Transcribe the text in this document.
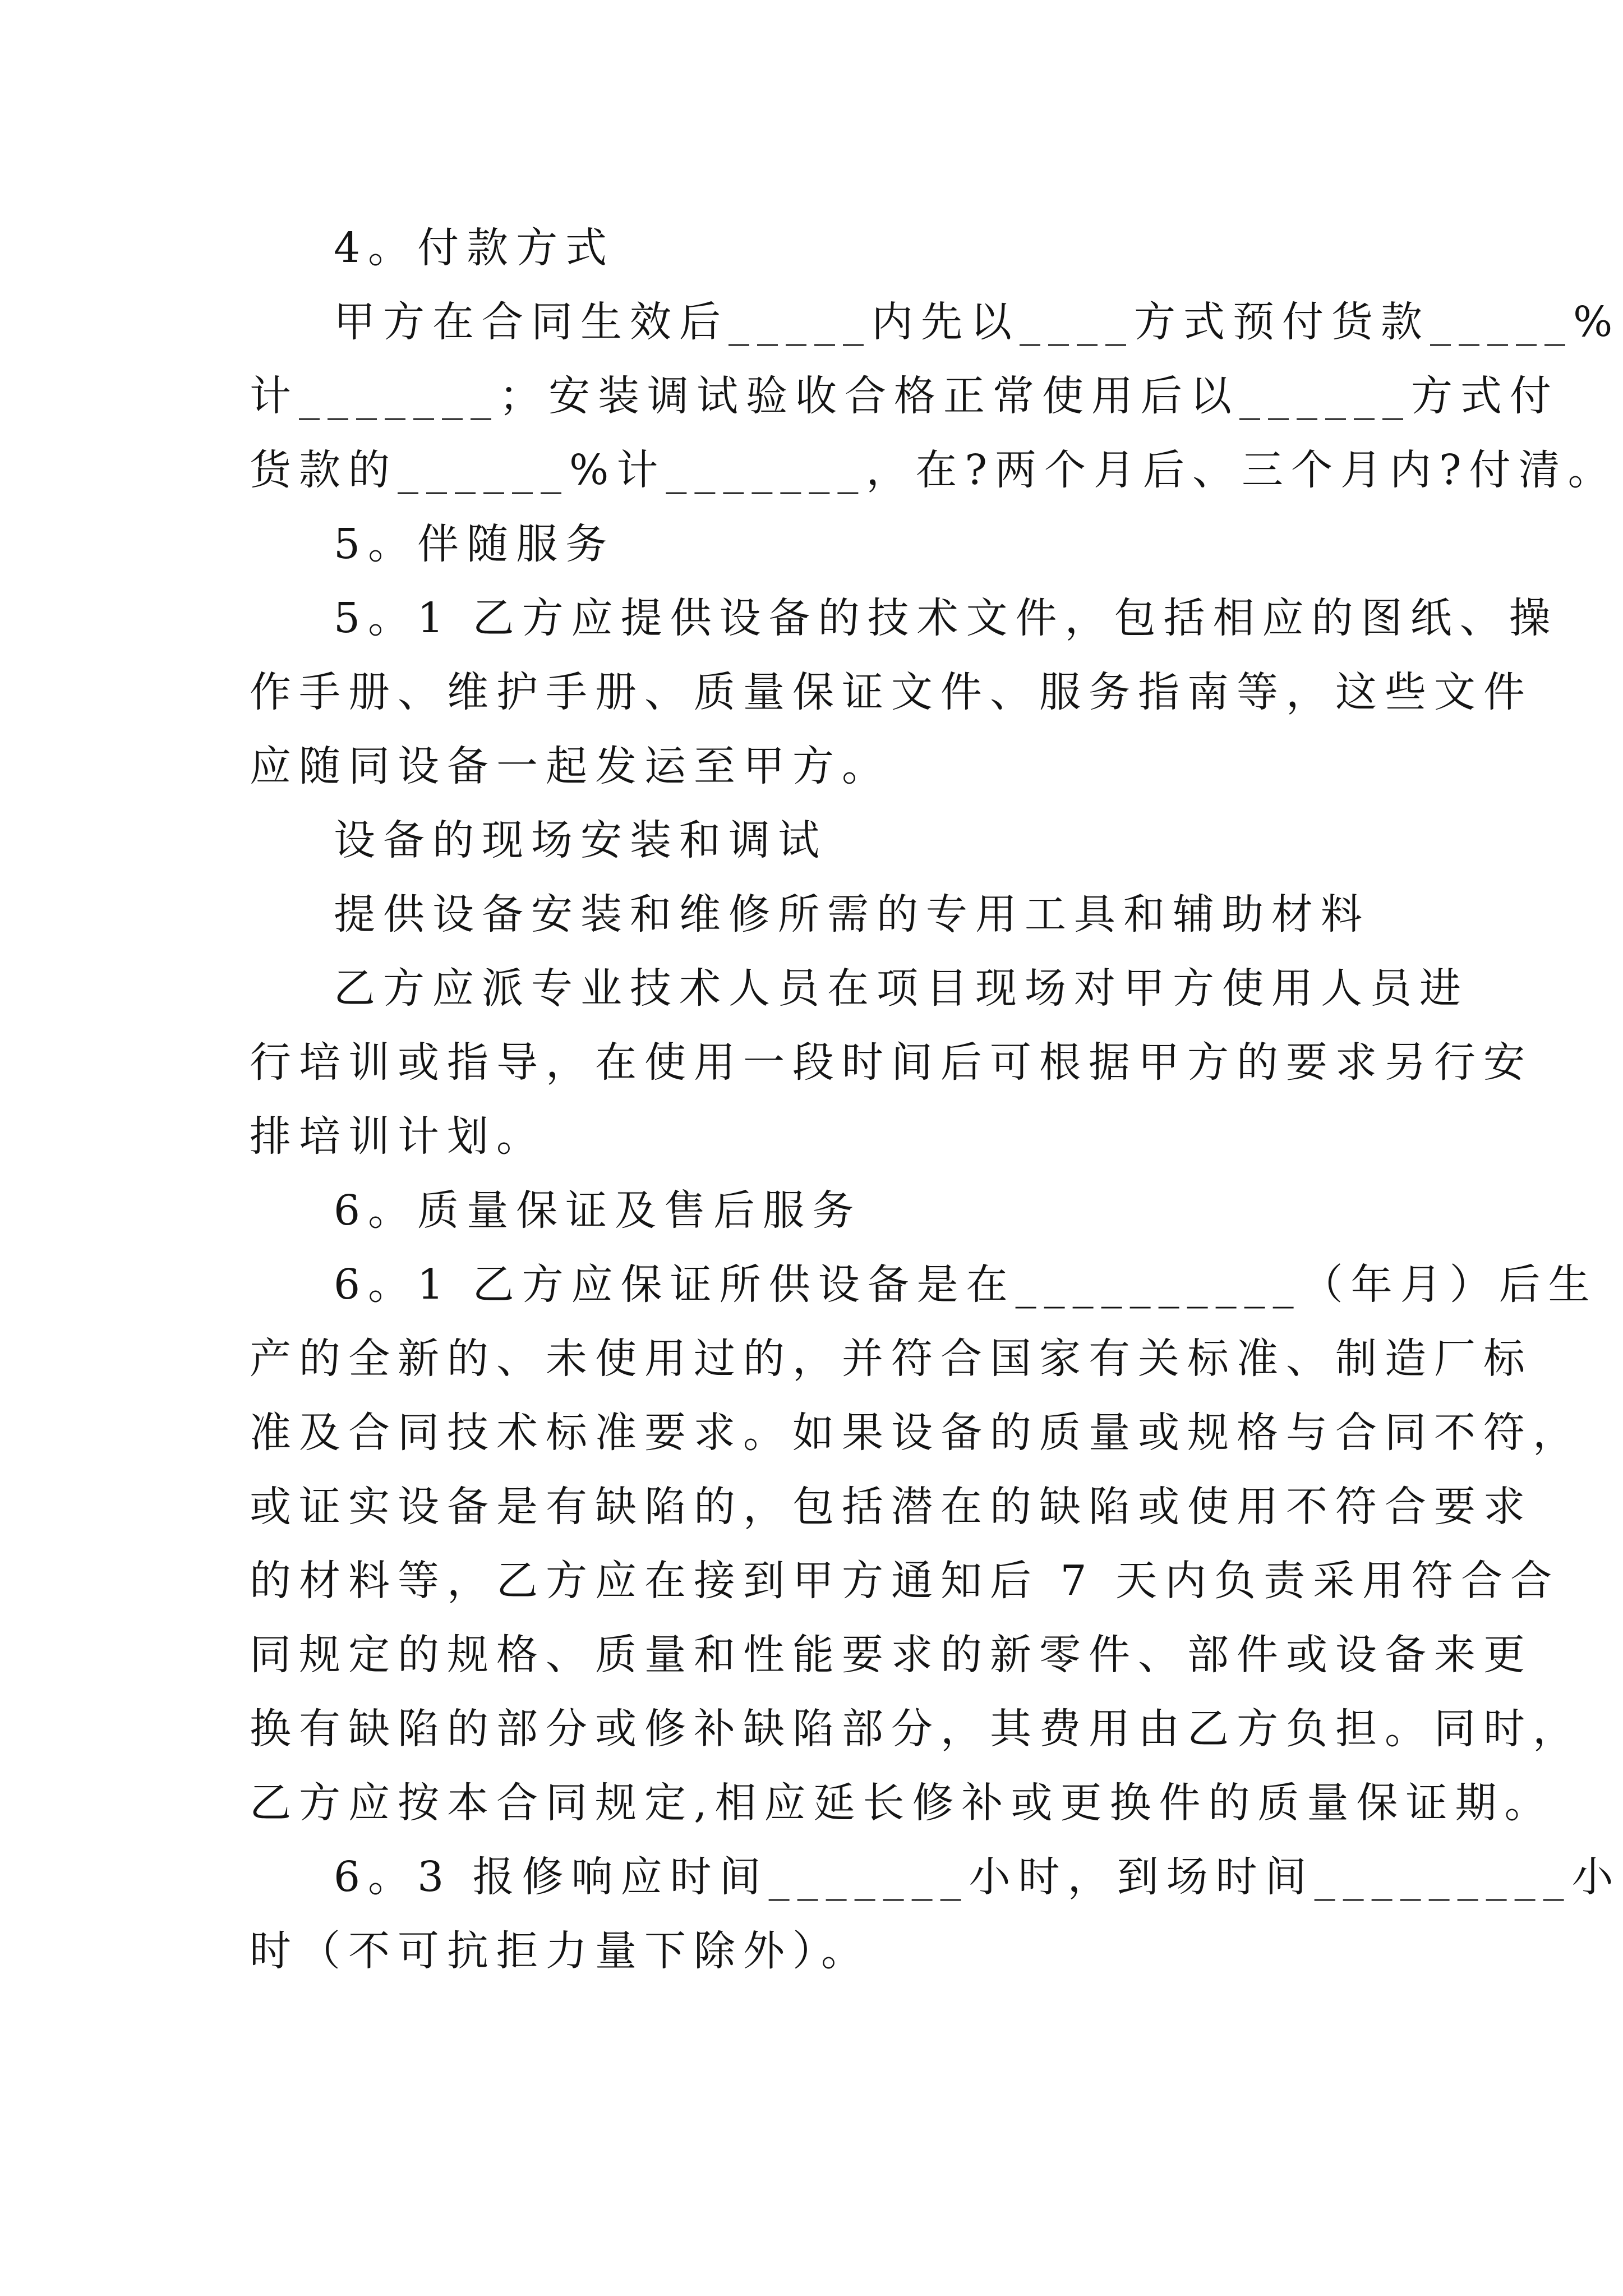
4。付款方式
甲方在合同生效后_____内先以____方式预付货款_____%
计_______；安装调试验收合格正常使用后以______方式付
货款的______%计_______，在?两个月后、三个月内?付清。
5。伴随服务
5。1 乙方应提供设备的技术文件，包括相应的图纸、操
作手册、维护手册、质量保证文件、服务指南等，这些文件
应随同设备一起发运至甲方。
设备的现场安装和调试
提供设备安装和维修所需的专用工具和辅助材料
乙方应派专业技术人员在项目现场对甲方使用人员进
行培训或指导，在使用一段时间后可根据甲方的要求另行安
排培训计划。
6。质量保证及售后服务
6。1 乙方应保证所供设备是在__________（年月）后生
产的全新的、未使用过的，并符合国家有关标准、制造厂标
准及合同技术标准要求。如果设备的质量或规格与合同不符，
或证实设备是有缺陷的，包括潜在的缺陷或使用不符合要求
的材料等，乙方应在接到甲方通知后 7 天内负责采用符合合
同规定的规格、质量和性能要求的新零件、部件或设备来更
换有缺陷的部分或修补缺陷部分，其费用由乙方负担。同时，
乙方应按本合同规定,相应延长修补或更换件的质量保证期。
6。3 报修响应时间_______小时，到场时间_________小
时（不可抗拒力量下除外）。
